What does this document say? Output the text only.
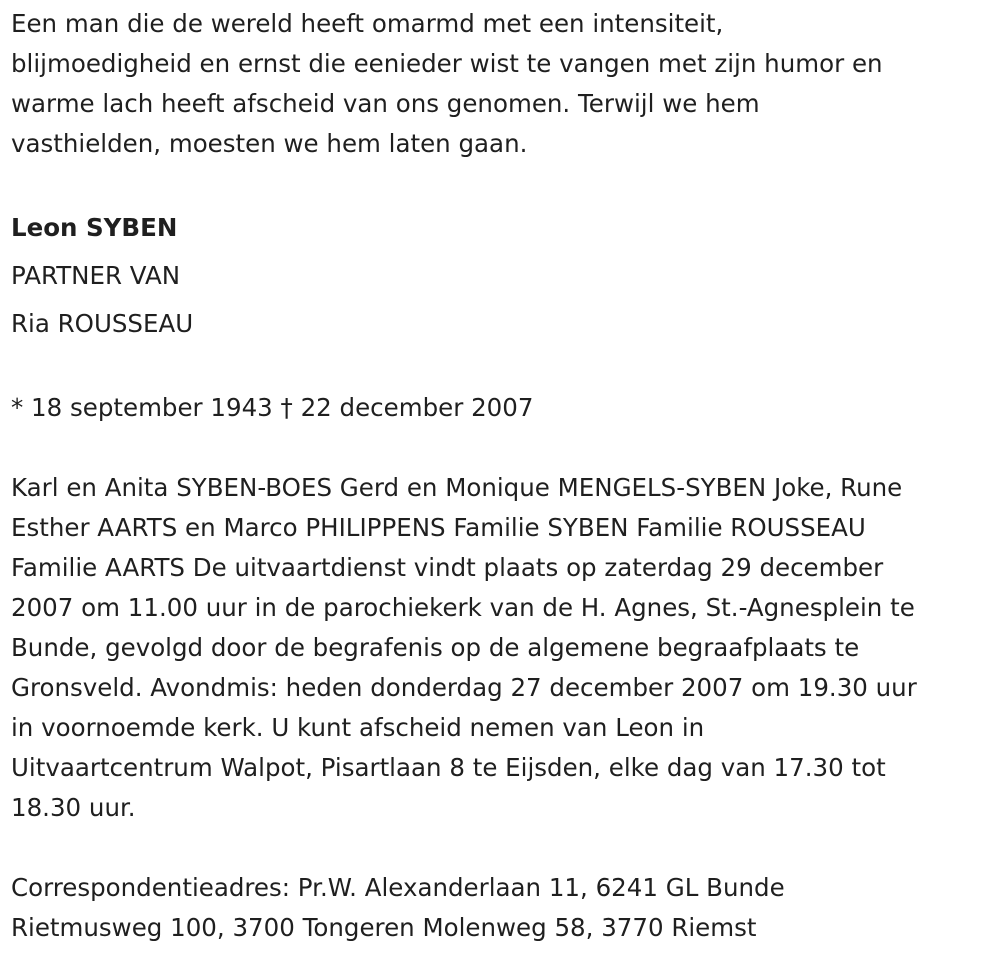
Een man die de wereld heeft omarmd met een intensiteit,
blijmoedigheid en ernst die eenieder wist te vangen met zijn humor en
warme lach heeft afscheid van ons genomen. Terwijl we hem
vasthielden, moesten we hem laten gaan.

Leon SYBEN

PARTNER VAN

Ria ROUSSEAU

* 18 september 1943 † 22 december 2007

Karl en Anita SYBEN-BOES Gerd en Monique MENGELS-SYBEN Joke, Rune
Esther AARTS en Marco PHILIPPENS Familie SYBEN Familie ROUSSEAU
Familie AARTS De uitvaartdienst vindt plaats op zaterdag 29 december
2007 om 11.00 uur in de parochiekerk van de H. Agnes, St.-Agnesplein te
Bunde, gevolgd door de begrafenis op de algemene begraafplaats te
Gronsveld. Avondmis: heden donderdag 27 december 2007 om 19.30 uur
in voornoemde kerk. U kunt afscheid nemen van Leon in
Uitvaartcentrum Walpot, Pisartlaan 8 te Eijsden, elke dag van 17.30 tot
18.30 uur.

Correspondentieadres: Pr.W. Alexanderlaan 11, 6241 GL Bunde
Rietmusweg 100, 3700 Tongeren Molenweg 58, 3770 Riemst
